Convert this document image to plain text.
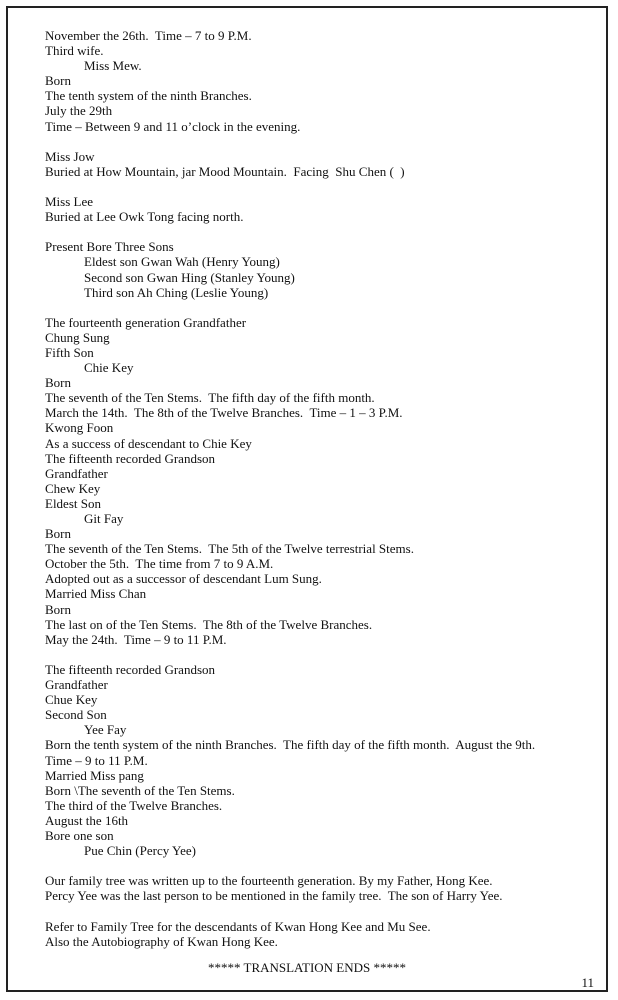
November the 26th.  Time – 7 to 9 P.M.
Third wife.
Miss Mew.
Born
The tenth system of the ninth Branches.
July the 29th
Time – Between 9 and 11 o’clock in the evening.
Miss Jow
Buried at How Mountain, jar Mood Mountain.  Facing  Shu Chen (  )
Miss Lee
Buried at Lee Owk Tong facing north.
Present Bore Three Sons
Eldest son Gwan Wah (Henry Young)
Second son Gwan Hing (Stanley Young)
Third son Ah Ching (Leslie Young)
The fourteenth generation Grandfather
Chung Sung
Fifth Son
Chie Key
Born
The seventh of the Ten Stems.  The fifth day of the fifth month.
March the 14th.  The 8th of the Twelve Branches.  Time – 1 – 3 P.M.
Kwong Foon
As a success of descendant to Chie Key
The fifteenth recorded Grandson
Grandfather
Chew Key
Eldest Son
Git Fay
Born
The seventh of the Ten Stems.  The 5th of the Twelve terrestrial Stems.
October the 5th.  The time from 7 to 9 A.M.
Adopted out as a successor of descendant Lum Sung.
Married Miss Chan
Born
The last on of the Ten Stems.  The 8th of the Twelve Branches.
May the 24th.  Time – 9 to 11 P.M.
The fifteenth recorded Grandson
Grandfather
Chue Key
Second Son
Yee Fay
Born the tenth system of the ninth Branches.  The fifth day of the fifth month.  August the 9th.
Time – 9 to 11 P.M.
Married Miss pang
Born \The seventh of the Ten Stems.
The third of the Twelve Branches.
August the 16th
Bore one son
Pue Chin (Percy Yee)
Our family tree was written up to the fourteenth generation. By my Father, Hong Kee.
Percy Yee was the last person to be mentioned in the family tree.  The son of Harry Yee.
Refer to Family Tree for the descendants of Kwan Hong Kee and Mu See.
Also the Autobiography of Kwan Hong Kee.
***** TRANSLATION ENDS *****
11
